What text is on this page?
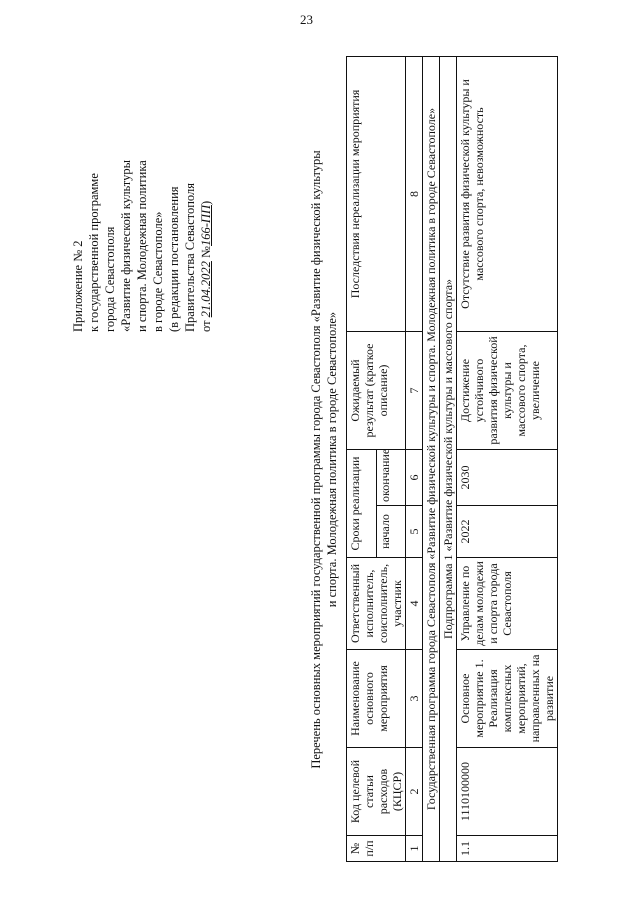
23
Приложение № 2 к государственной программе города Севастополя «Развитие физической культуры и спорта. Молодежная политика в городе Севастополе» (в редакции постановления Правительства Севастополя от 21.04.2022 №166-ПП)	Перечень основных мероприятий государственной программы города Севастополя «Развитие физической культуры и спорта. Молодежная политика в городе Севастополе»
№ п/п	Код целевой статьи расходов (КЦСР)	Наименование основного мероприятия	Ответственный исполнитель, соисполнитель, участник	Сроки реализации		Ожидаемый результат (краткое описание)	Последствия нереализации мероприятия
				начало	окончание		
1	2	3	4	5	6	7	8
Государственная программа города Севастополя «Развитие физической культуры и спорта. Молодежная политика в городе Севастополе»							
Подпрограмма 1 «Развитие физической культуры и массового спорта»							
1.1	1110100000	Основное мероприятие 1. Реализация комплексных мероприятий, направленных на развитие	Управление по делам молодежи и спорта города Севастополя	2022	2030	Достижение устойчивого развития физической культуры и массового спорта, увеличение	Отсутствие развития физической культуры и массового спорта, невозможность
